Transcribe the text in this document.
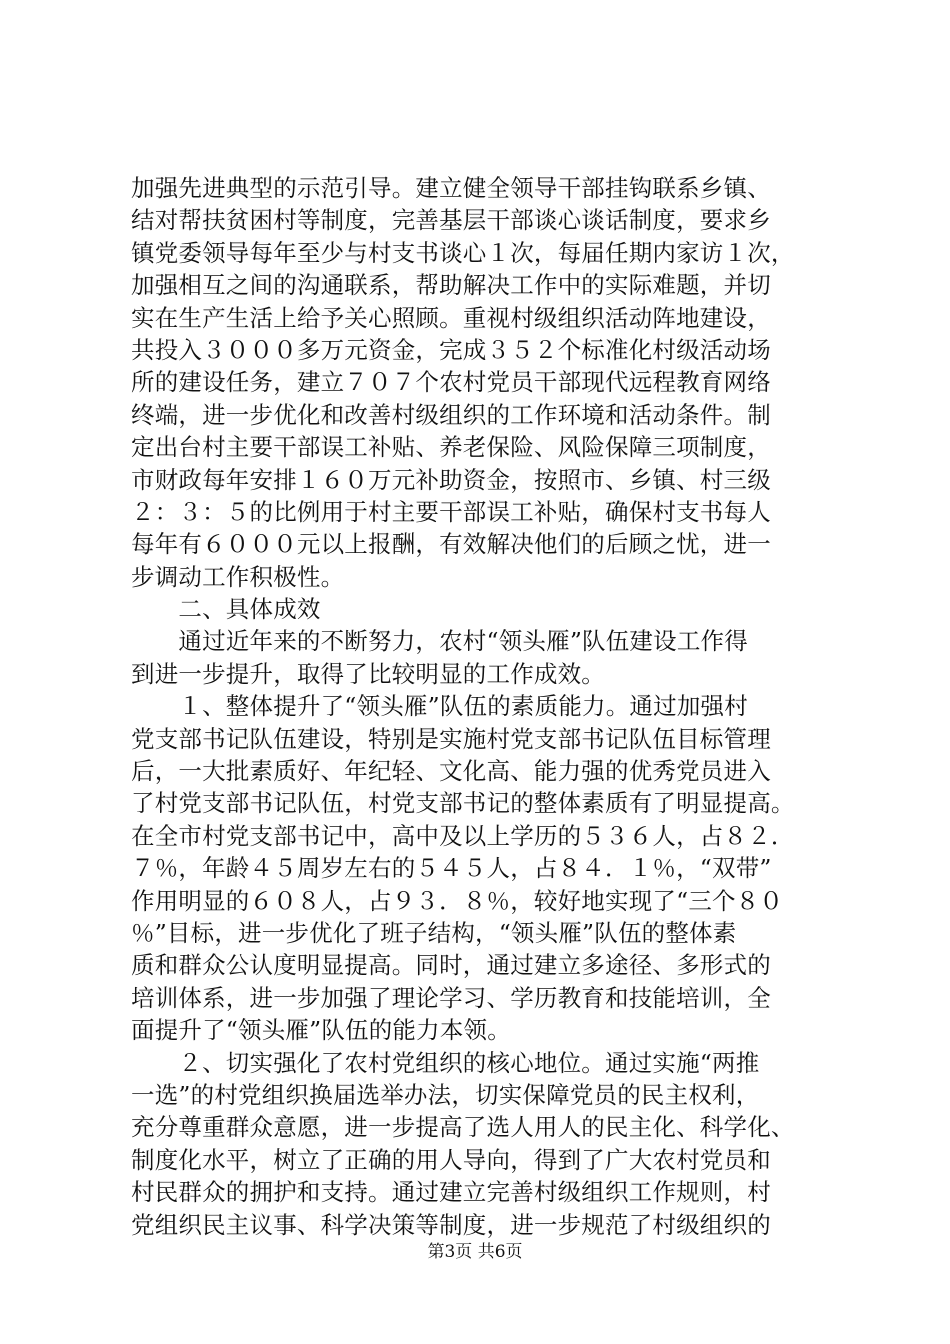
加强先进典型的示范引导。建立健全领导干部挂钩联系乡镇、
结对帮扶贫困村等制度，完善基层干部谈心谈话制度，要求乡
镇党委领导每年至少与村支书谈心１次，每届任期内家访１次，
加强相互之间的沟通联系，帮助解决工作中的实际难题，并切
实在生产生活上给予关心照顾。重视村级组织活动阵地建设，
共投入３０００多万元资金，完成３５２个标准化村级活动场
所的建设任务，建立７０７个农村党员干部现代远程教育网络
终端，进一步优化和改善村级组织的工作环境和活动条件。制
定出台村主要干部误工补贴、养老保险、风险保障三项制度，
市财政每年安排１６０万元补助资金，按照市、乡镇、村三级
２：３：５的比例用于村主要干部误工补贴，确保村支书每人
每年有６０００元以上报酬，有效解决他们的后顾之忧，进一
步调动工作积极性。
　　二、具体成效
　　通过近年来的不断努力，农村“领头雁”队伍建设工作得
到进一步提升，取得了比较明显的工作成效。
　　１、整体提升了“领头雁”队伍的素质能力。通过加强村
党支部书记队伍建设，特别是实施村党支部书记队伍目标管理
后，一大批素质好、年纪轻、文化高、能力强的优秀党员进入
了村党支部书记队伍，村党支部书记的整体素质有了明显提高。
在全市村党支部书记中，高中及以上学历的５３６人，占８２．
７％，年龄４５周岁左右的５４５人，占８４．１％，“双带”
作用明显的６０８人，占９３．８％，较好地实现了“三个８０
％”目标，进一步优化了班子结构，“领头雁”队伍的整体素
质和群众公认度明显提高。同时，通过建立多途径、多形式的
培训体系，进一步加强了理论学习、学历教育和技能培训，全
面提升了“领头雁”队伍的能力本领。
　　２、切实强化了农村党组织的核心地位。通过实施“两推
一选”的村党组织换届选举办法，切实保障党员的民主权利，
充分尊重群众意愿，进一步提高了选人用人的民主化、科学化、
制度化水平，树立了正确的用人导向，得到了广大农村党员和
村民群众的拥护和支持。通过建立完善村级组织工作规则，村
党组织民主议事、科学决策等制度，进一步规范了村级组织的
第3页 共6页
